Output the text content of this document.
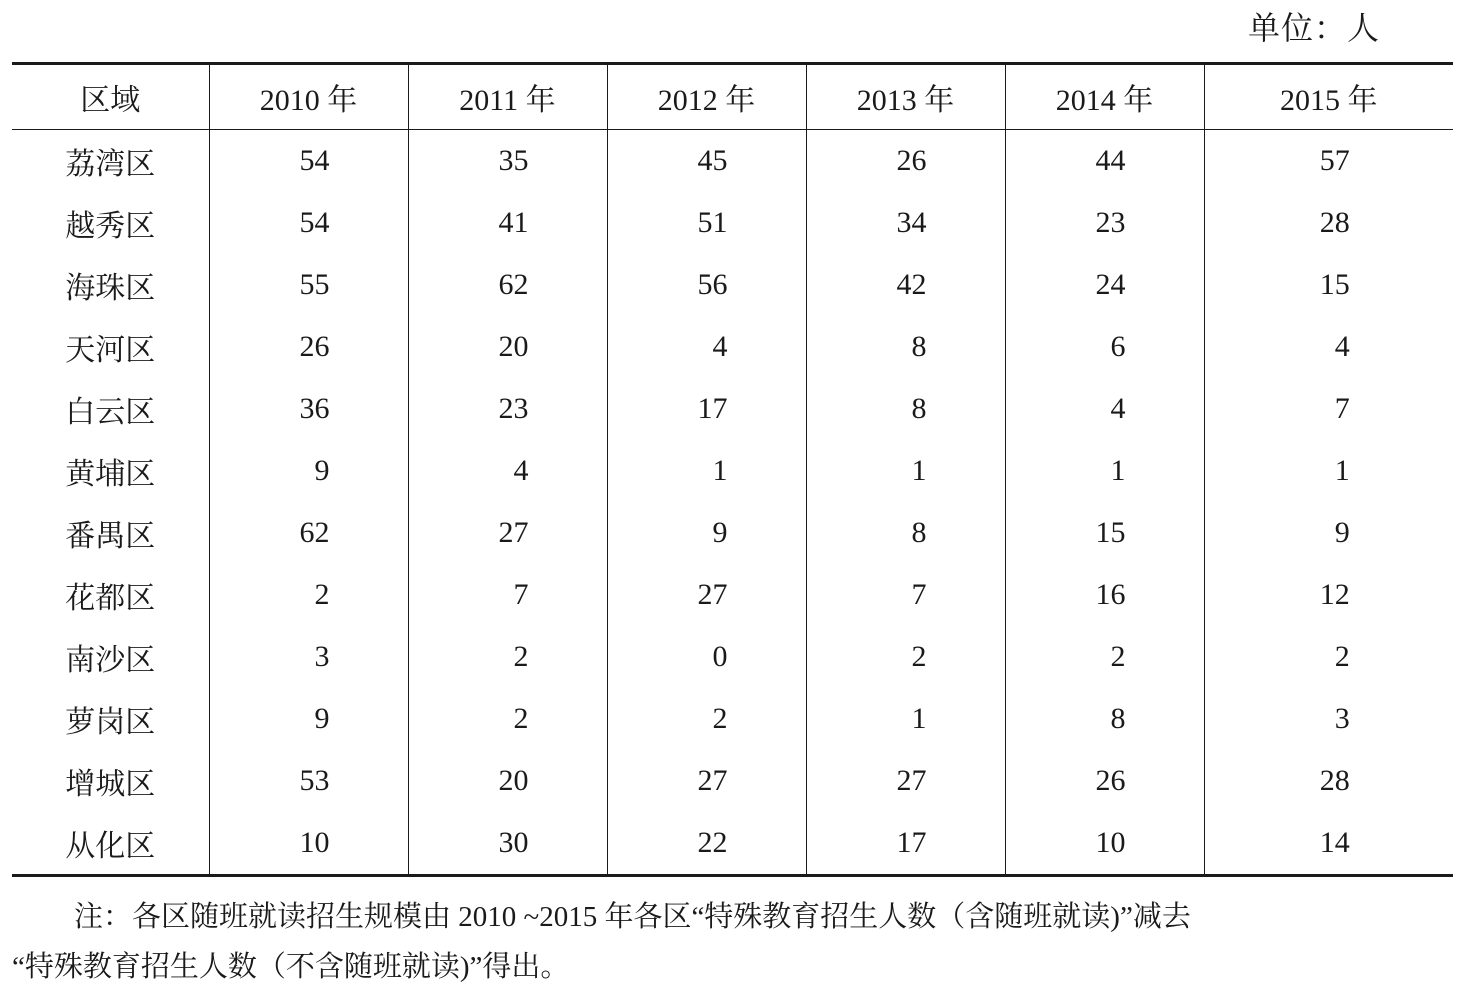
单位：人
区域	2010 年	2011 年	2012 年	2013 年	2014 年	2015 年
荔湾区	54	35	45	26	44	57
越秀区	54	41	51	34	23	28
海珠区	55	62	56	42	24	15
天河区	26	20	4	8	6	4
白云区	36	23	17	8	4	7
黄埔区	9	4	1	1	1	1
番禺区	62	27	9	8	15	9
花都区	2	7	27	7	16	12
南沙区	3	2	0	2	2	2
萝岗区	9	2	2	1	8	3
增城区	53	20	27	27	26	28
从化区	10	30	22	17	10	14

注：各区随班就读招生规模由 2010 ~2015 年各区“特殊教育招生人数（含随班就读)”减去

“特殊教育招生人数（不含随班就读)”得出。
